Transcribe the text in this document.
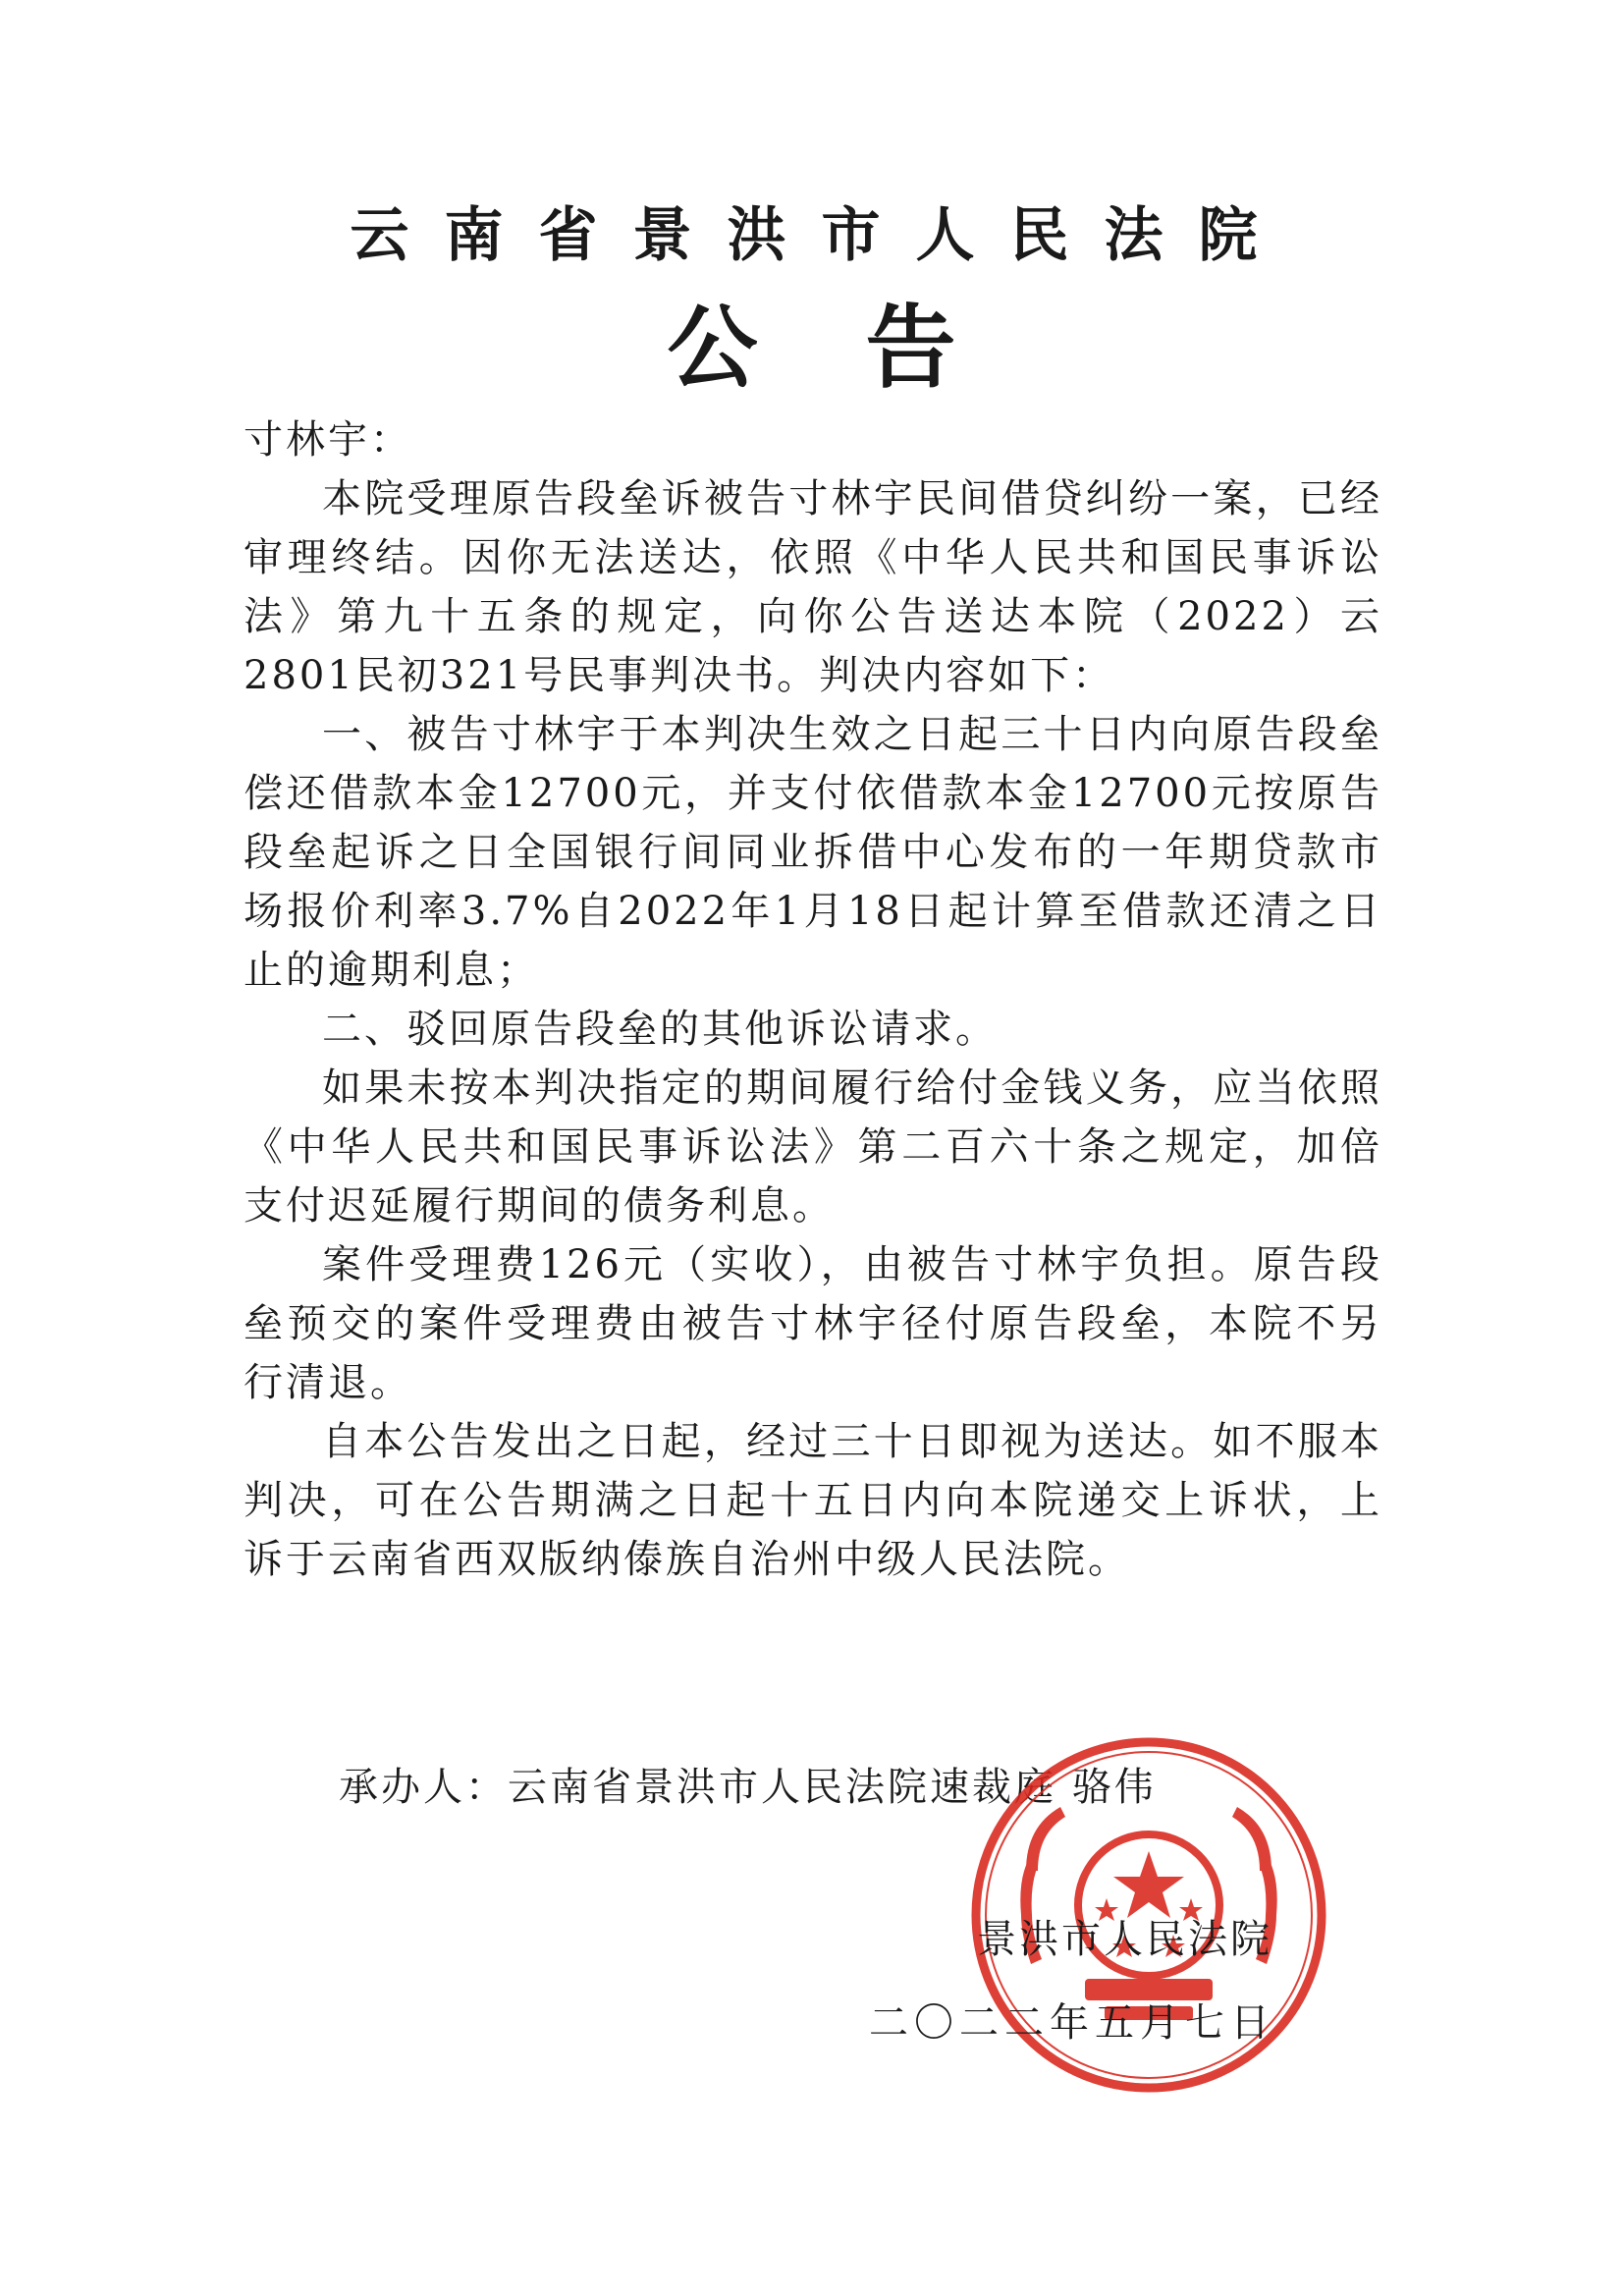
云南省景洪市人民法院
公告

寸林宇：

本院受理原告段垒诉被告寸林宇民间借贷纠纷一案，已经审理终结。因你无法送达，依照《中华人民共和国民事诉讼法》第九十五条的规定，向你公告送达本院（2022）云2801民初321号民事判决书。判决内容如下：

一、被告寸林宇于本判决生效之日起三十日内向原告段垒偿还借款本金12700元，并支付依借款本金12700元按原告段垒起诉之日全国银行间同业拆借中心发布的一年期贷款市场报价利率3.7%自2022年1月18日起计算至借款还清之日止的逾期利息；

二、驳回原告段垒的其他诉讼请求。

如果未按本判决指定的期间履行给付金钱义务，应当依照《中华人民共和国民事诉讼法》第二百六十条之规定，加倍支付迟延履行期间的债务利息。

案件受理费126元（实收），由被告寸林宇负担。原告段垒预交的案件受理费由被告寸林宇径付原告段垒，本院不另行清退。

自本公告发出之日起，经过三十日即视为送达。如不服本判决，可在公告期满之日起十五日内向本院递交上诉状，上诉于云南省西双版纳傣族自治州中级人民法院。

承办人：云南省景洪市人民法院速裁庭 骆伟
景洪市人民法院
二〇二二年五月七日
